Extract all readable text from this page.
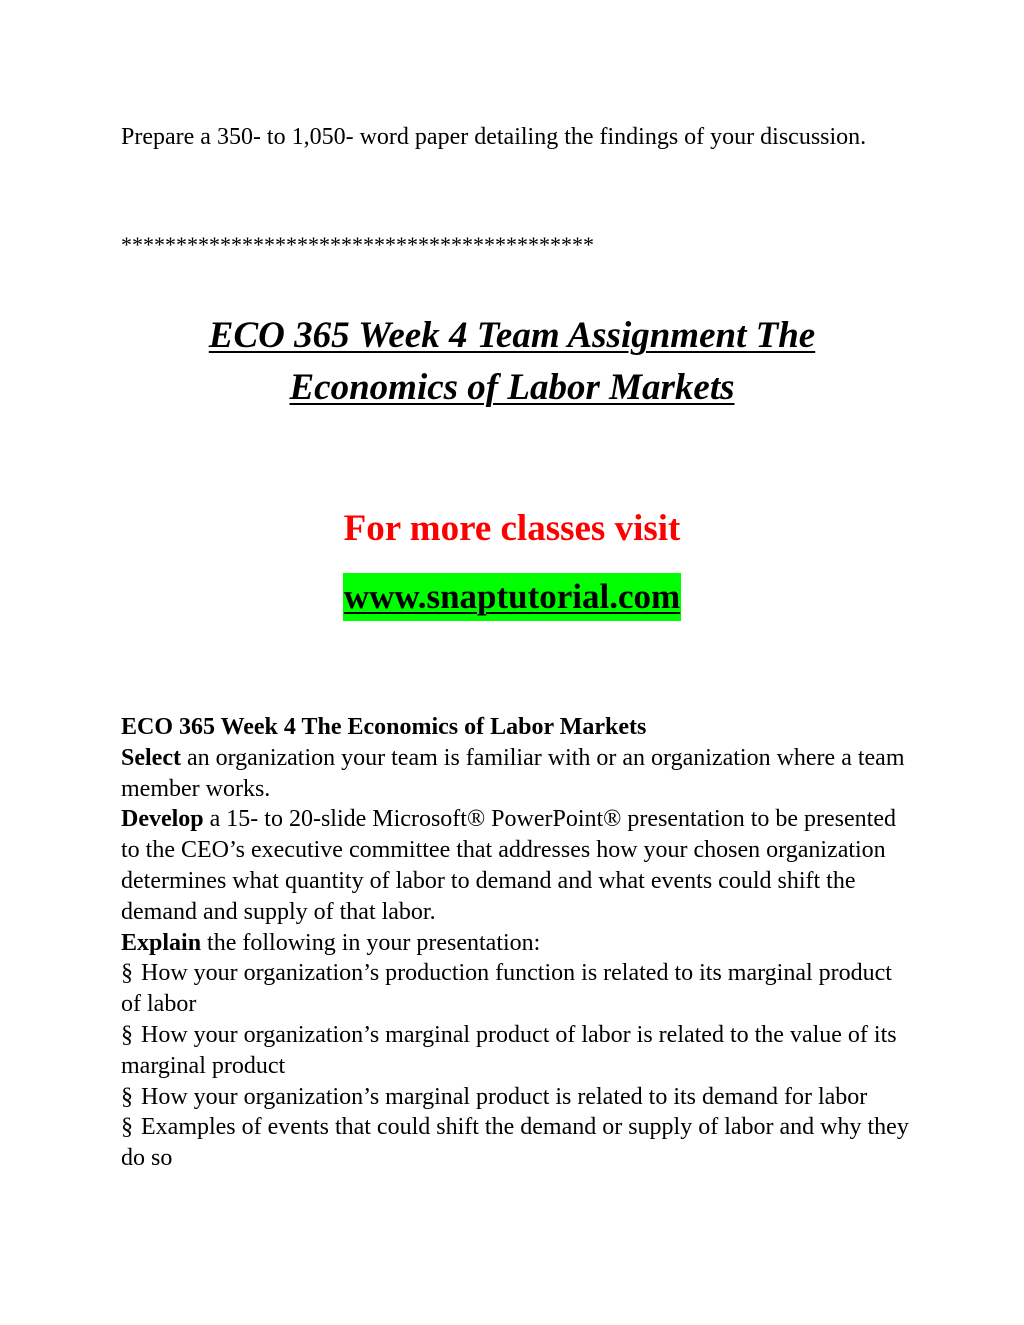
Prepare a 350- to 1,050- word paper detailing the findings of your discussion.

*******************************************

ECO 365 Week 4 Team Assignment The
Economics of Labor Markets

For more classes visit

www.snaptutorial.com

ECO 365 Week 4 The Economics of Labor Markets

Select an organization your team is familiar with or an organization where a team member works.

Develop a 15- to 20-slide Microsoft® PowerPoint® presentation to be presented to the CEO’s executive committee that addresses how your chosen organization determines what quantity of labor to demand and what events could shift the demand and supply of that labor.

Explain the following in your presentation:

§ How your organization’s production function is related to its marginal product of labor

§ How your organization’s marginal product of labor is related to the value of its marginal product

§ How your organization’s marginal product is related to its demand for labor

§ Examples of events that could shift the demand or supply of labor and why they do so
